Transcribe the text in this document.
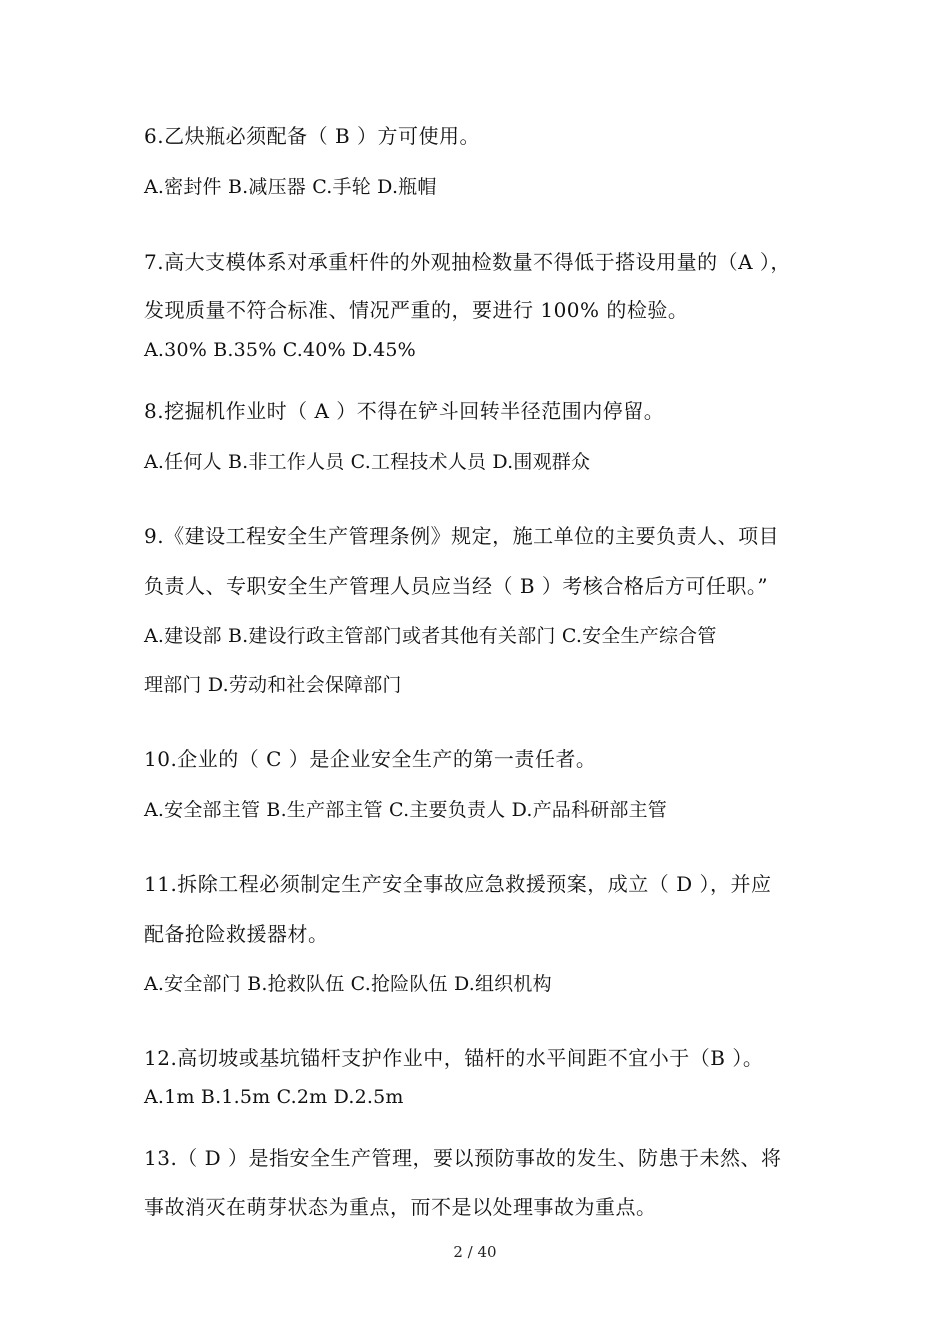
6.乙炔瓶必须配备（ B ）方可使用。
A.密封件 B.减压器 C.手轮 D.瓶帽
7.高大支模体系对承重杆件的外观抽检数量不得低于搭设用量的（A ），
发现质量不符合标准、情况严重的，要进行 100% 的检验。
A.30% B.35% C.40% D.45%
8.挖掘机作业时（ A ）不得在铲斗回转半径范围内停留。
A.任何人 B.非工作人员 C.工程技术人员 D.围观群众
9.《建设工程安全生产管理条例》规定，施工单位的主要负责人、项目
负责人、专职安全生产管理人员应当经（ B ）考核合格后方可任职。”
A.建设部 B.建设行政主管部门或者其他有关部门 C.安全生产综合管
理部门 D.劳动和社会保障部门
10.企业的（ C ）是企业安全生产的第一责任者。
A.安全部主管 B.生产部主管 C.主要负责人 D.产品科研部主管
11.拆除工程必须制定生产安全事故应急救援预案，成立（ D ），并应
配备抢险救援器材。
A.安全部门 B.抢救队伍 C.抢险队伍 D.组织机构
12.高切坡或基坑锚杆支护作业中，锚杆的水平间距不宜小于（B ）。
A.1m B.1.5m C.2m D.2.5m
13.（ D ）是指安全生产管理，要以预防事故的发生、防患于未然、将
事故消灭在萌芽状态为重点，而不是以处理事故为重点。
2 / 40
